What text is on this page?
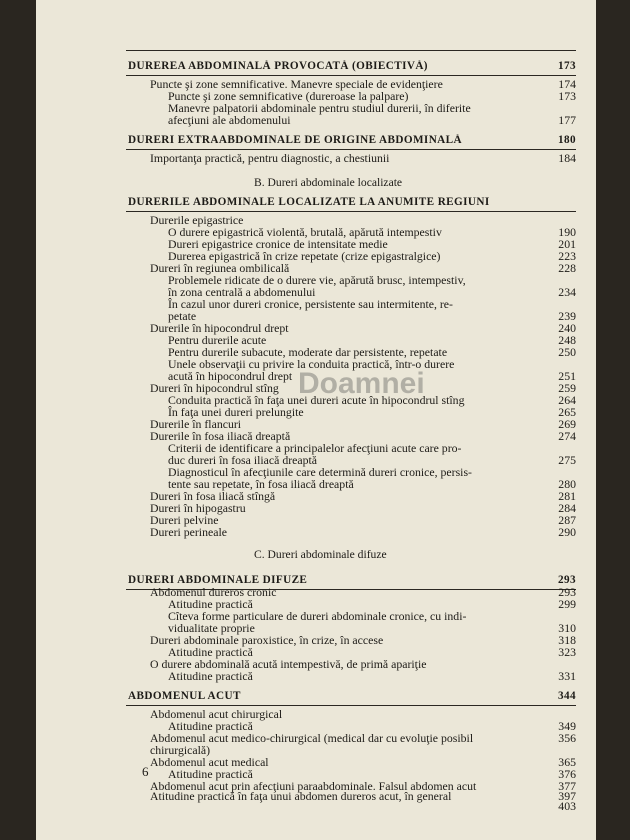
DUREREA ABDOMINALĂ PROVOCATĂ (OBIECTIVĂ)	173
Puncte şi zone semnificative. Manevre speciale de evidenţiere	174
Puncte şi zone semnificative (dureroase la palpare)	173
Manevre palpatorii abdominale pentru studiul durerii, în diferite
afecţiuni ale abdomenului	177
DURERI EXTRAABDOMINALE DE ORIGINE ABDOMINALĂ	180
Importanţa practică, pentru diagnostic, a chestiunii	184
B. Dureri abdominale localizate
DURERILE ABDOMINALE LOCALIZATE LA ANUMITE REGIUNI
Durerile epigastrice
O durere epigastrică violentă, brutală, apărută intempestiv	190
Dureri epigastrice cronice de intensitate medie	201
Durerea epigastrică în crize repetate (crize epigastralgice)	223
Dureri în regiunea ombilicală	228
Problemele ridicate de o durere vie, apărută brusc, intempestiv,
în zona centrală a abdomenului	234
În cazul unor dureri cronice, persistente sau intermitente, re-
petate	239
Durerile în hipocondrul drept	240
Pentru durerile acute	248
Pentru durerile subacute, moderate dar persistente, repetate	250
Unele observaţii cu privire la conduita practică, într-o durere
acută în hipocondrul drept	251
Dureri în hipocondrul stîng	259
Conduita practică în faţa unei dureri acute în hipocondrul stîng	264
În faţa unei dureri prelungite	265
Durerile în flancuri	269
Durerile în fosa iliacă dreaptă	274
Criterii de identificare a principalelor afecţiuni acute care pro-
duc dureri în fosa iliacă dreaptă	275
Diagnosticul în afecţiunile care determină dureri cronice, persis-
tente sau repetate, în fosa iliacă dreaptă	280
Dureri în fosa iliacă stîngă	281
Dureri în hipogastru	284
Dureri pelvine	287
Dureri perineale	290
C. Dureri abdominale difuze
DURERI ABDOMINALE DIFUZE	293
Abdomenul dureros cronic	293
Atitudine practică	299
Cîteva forme particulare de dureri abdominale cronice, cu indi-
vidualitate proprie	310
Dureri abdominale paroxistice, în crize, în accese	318
Atitudine practică	323
O durere abdominală acută intempestivă, de primă apariţie
Atitudine practică	331
ABDOMENUL ACUT	344
Abdomenul acut chirurgical
Atitudine practică	349
Abdomenul acut medico-chirurgical (medical dar cu evoluţie posibil	356
chirurgicală)
Abdomenul acut medical	365
Atitudine practică	376
Abdomenul acut prin afecţiuni paraabdominale. Falsul abdomen acut	377
Atitudine practică în faţa unui abdomen dureros acut, în general	397
403
Doamnei
6
